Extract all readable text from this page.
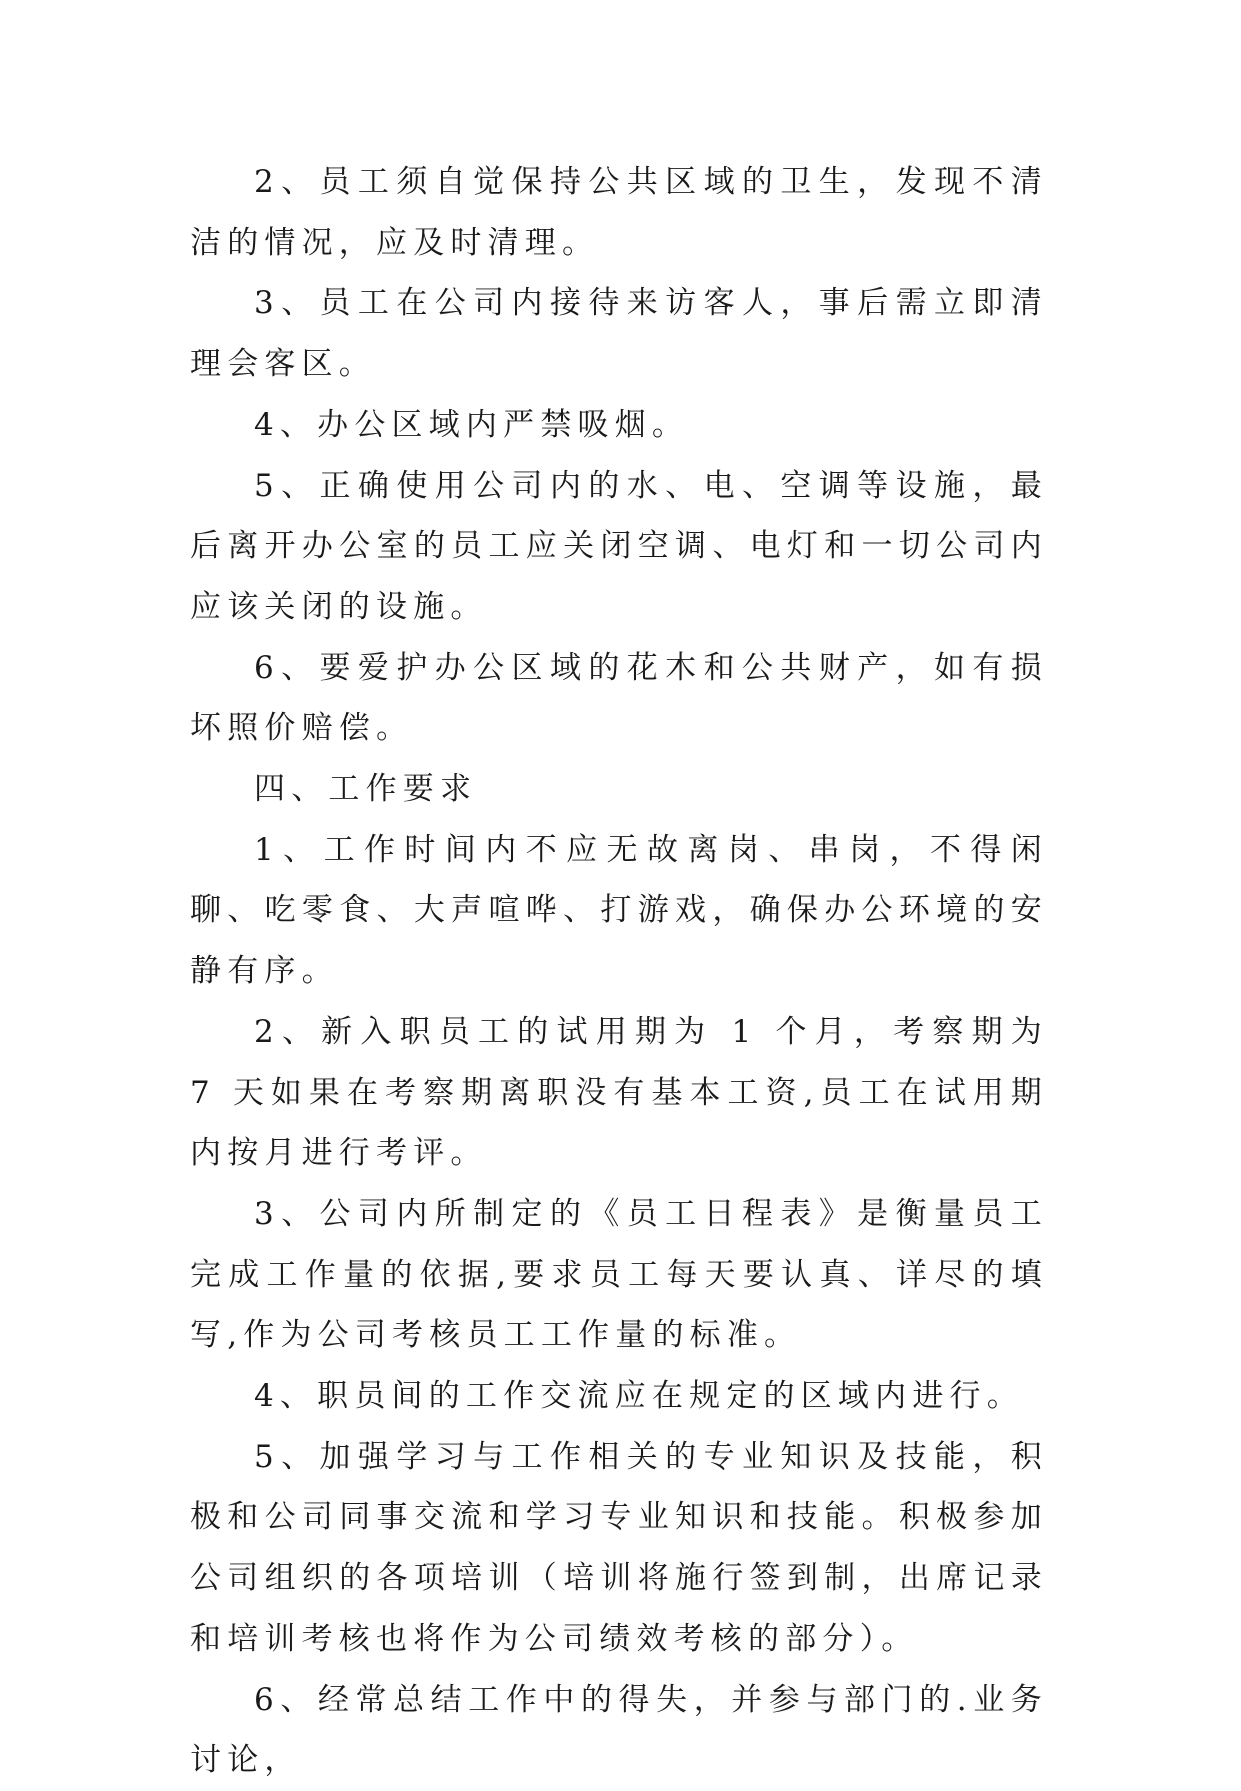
2、员工须自觉保持公共区域的卫生，发现不清洁的情况，应及时清理。

3、员工在公司内接待来访客人，事后需立即清理会客区。

4、办公区域内严禁吸烟。

5、正确使用公司内的水、电、空调等设施，最后离开办公室的员工应关闭空调、电灯和一切公司内应该关闭的设施。

6、要爱护办公区域的花木和公共财产，如有损坏照价赔偿。

四、工作要求

1、工作时间内不应无故离岗、串岗，不得闲聊、吃零食、大声喧哗、打游戏，确保办公环境的安静有序。

2、新入职员工的试用期为 1 个月，考察期为 7 天如果在考察期离职没有基本工资,员工在试用期内按月进行考评。

3、公司内所制定的《员工日程表》是衡量员工完成工作量的依据,要求员工每天要认真、详尽的填写,作为公司考核员工工作量的标准。

4、职员间的工作交流应在规定的区域内进行。

5、加强学习与工作相关的专业知识及技能，积极和公司同事交流和学习专业知识和技能。积极参加公司组织的各项培训（培训将施行签到制，出席记录和培训考核也将作为公司绩效考核的部分）。

6、经常总结工作中的得失，并参与部门的.业务讨论，
